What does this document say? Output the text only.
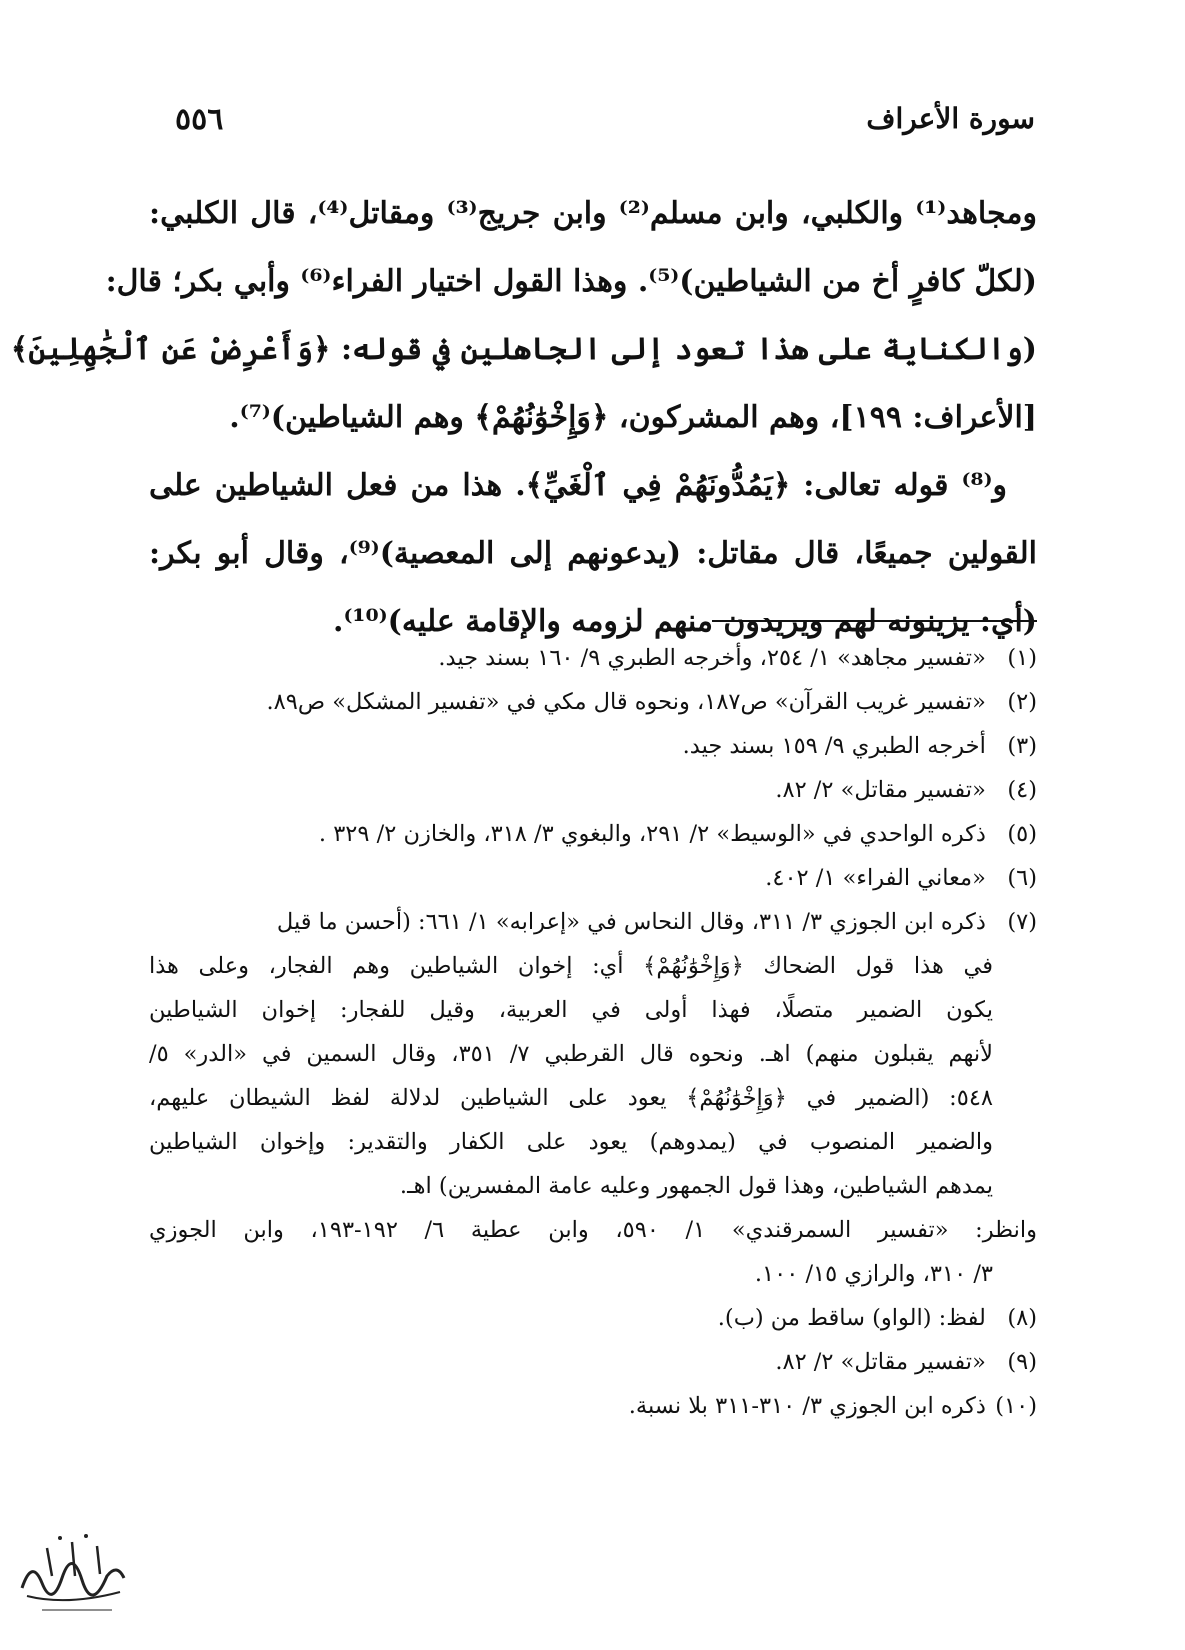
سورة الأعراف
٥٥٦
ومجاهد⁽¹⁾ والكلبي، وابن مسلم⁽²⁾ وابن جريج⁽³⁾ ومقاتل⁽⁴⁾، قال الكلبي:
(لكلّ كافرٍ أخ من الشياطين)⁽⁵⁾. وهذا القول اختيار الفراء⁽⁶⁾ وأبي بكر؛ قال:
(والكناية على هذا تعود إلى الجاهلين في قوله: ﴿وَأَعْرِضْ عَنِ ٱلْجَٰهِلِينَ﴾
[الأعراف: ١٩٩]، وهم المشركون، ﴿وَإِخْوَٰنُهُمْ﴾ وهم الشياطين)⁽⁷⁾.
و⁽⁸⁾ قوله تعالى: ﴿يَمُدُّونَهُمْ فِي ٱلْغَيِّ﴾. هذا من فعل الشياطين على
القولين جميعًا، قال مقاتل: (يدعونهم إلى المعصية)⁽⁹⁾، وقال أبو بكر:
(أي: يزينونه لهم ويريدون منهم لزومه والإقامة عليه)⁽¹⁰⁾.
(١) «تفسير مجاهد» ١/ ٢٥٤، وأخرجه الطبري ٩/ ١٦٠ بسند جيد.
(٢) «تفسير غريب القرآن» ص١٨٧، ونحوه قال مكي في «تفسير المشكل» ص٨٩.
(٣) أخرجه الطبري ٩/ ١٥٩ بسند جيد.
(٤) «تفسير مقاتل» ٢/ ٨٢.
(٥) ذكره الواحدي في «الوسيط» ٢/ ٢٩١، والبغوي ٣/ ٣١٨، والخازن ٢/ ٣٢٩ .
(٦) «معاني الفراء» ١/ ٤٠٢.
(٧) ذكره ابن الجوزي ٣/ ٣١١، وقال النحاس في «إعرابه» ١/ ٦٦١: (أحسن ما قيل
في هذا قول الضحاك ﴿وَإِخْوَٰنُهُمْ﴾ أي: إخوان الشياطين وهم الفجار، وعلى هذا
يكون الضمير متصلًا، فهذا أولى في العربية، وقيل للفجار: إخوان الشياطين
لأنهم يقبلون منهم) اهـ. ونحوه قال القرطبي ٧/ ٣٥١، وقال السمين في «الدر» ٥/
٥٤٨: (الضمير في ﴿وَإِخْوَٰنُهُمْ﴾ يعود على الشياطين لدلالة لفظ الشيطان عليهم،
والضمير المنصوب في (يمدوهم) يعود على الكفار والتقدير: وإخوان الشياطين
يمدهم الشياطين، وهذا قول الجمهور وعليه عامة المفسرين) اهـ.
وانظر: «تفسير السمرقندي» ١/ ٥٩٠، وابن عطية ٦/ ١٩٢-١٩٣، وابن الجوزي
٣/ ٣١٠، والرازي ١٥/ ١٠٠.
(٨) لفظ: (الواو) ساقط من (ب).
(٩) «تفسير مقاتل» ٢/ ٨٢.
(١٠) ذكره ابن الجوزي ٣/ ٣١٠-٣١١ بلا نسبة.
